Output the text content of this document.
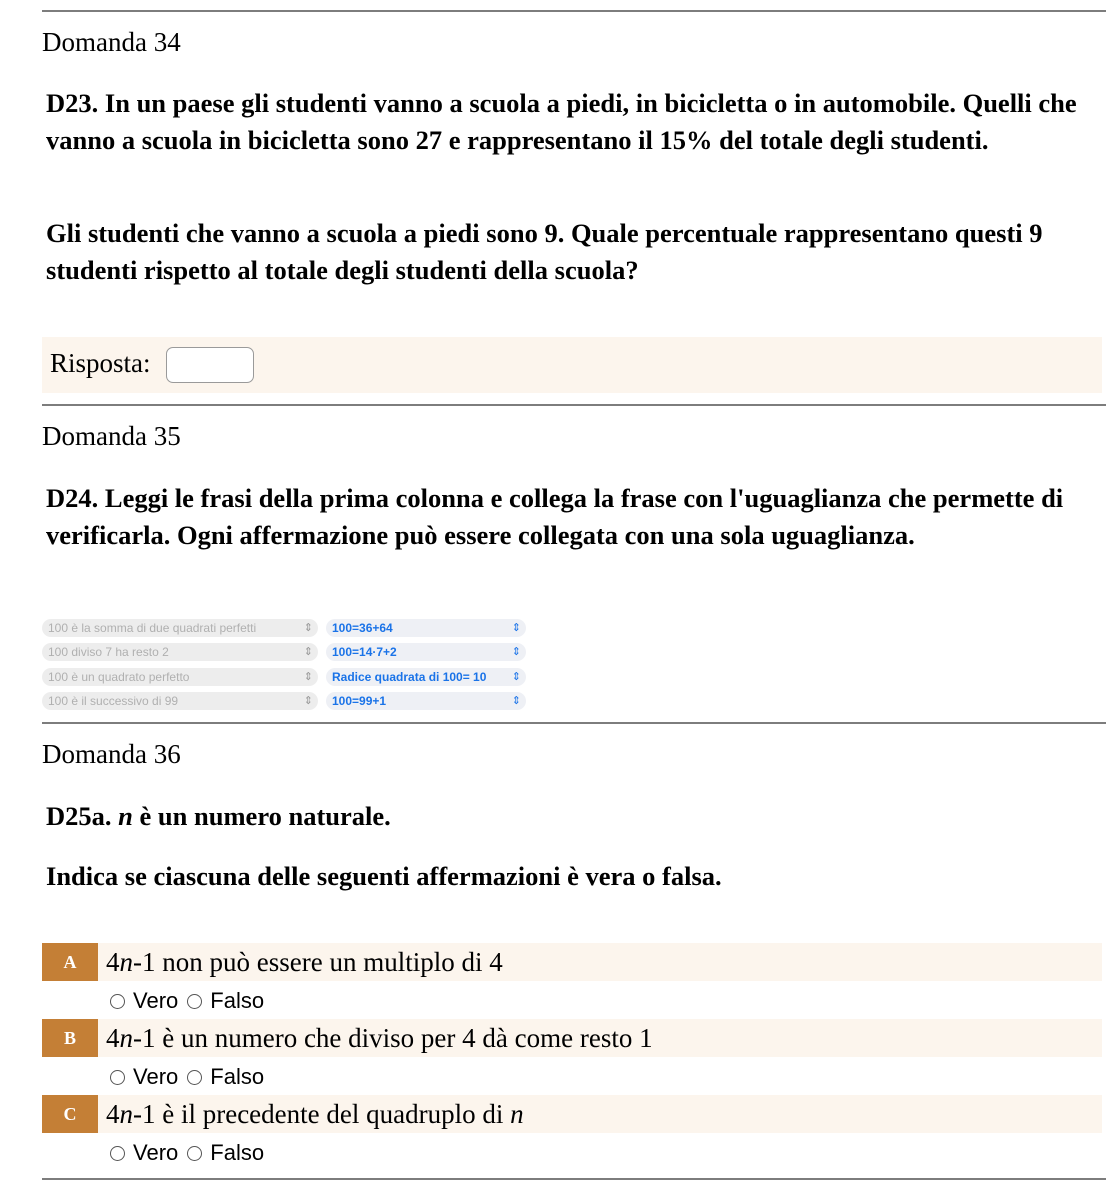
Domanda 34

D23. In un paese gli studenti vanno a scuola a piedi, in bicicletta o in automobile. Quelli che vanno a scuola in bicicletta sono 27 e rappresentano il 15% del totale degli studenti.

Gli studenti che vanno a scuola a piedi sono 9. Quale percentuale rappresentano questi 9 studenti rispetto al totale degli studenti della scuola?

Risposta:
Domanda 35

D24. Leggi le frasi della prima colonna e collega la frase con l'uguaglianza che permette di verificarla. Ogni affermazione può essere collegata con una sola uguaglianza.

100 è la somma di due quadrati perfetti	⇕	100=36+64	⇕
100 diviso 7 ha resto 2	⇕	100=14·7+2	⇕
100 è un quadrato perfetto	⇕	Radice quadrata di 100= 10 ⇕
100 è il successivo di 99	⇕	100=99+1	⇕
Domanda 36

D25a. n è un numero naturale.

Indica se ciascuna delle seguenti affermazioni è vera o falsa.

A	4n-1 non può essere un multiplo di 4
Vero Falso
B	4n-1 è un numero che diviso per 4 dà come resto 1
Vero Falso
C	4n-1 è il precedente del quadruplo di n
Vero Falso
